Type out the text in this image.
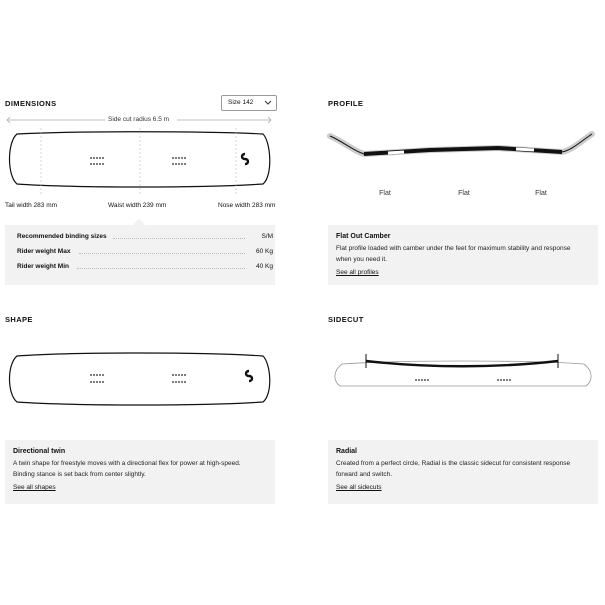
DIMENSIONS	Size 142
Side cut radius 6.5 m
Tail width 283 mm	Waist width 239 mm	Nose width 283 mm
Recommended binding sizes	S/M
Rider weight Max	60 Kg
Rider weight Min	40 Kg
PROFILE
Flat	Flat	Flat
Flat Out Camber
Flat profile loaded with camber under the feet for maximum stability and response
when you need it.
See all profiles
SHAPE
Directional twin
A twin shape for freestyle moves with a directional flex for power at high-speed.
Binding stance is set back from center slightly.
See all shapes
SIDECUT
Radial
Created from a perfect circle, Radial is the classic sidecut for consistent response
forward and switch.
See all sidecuts
